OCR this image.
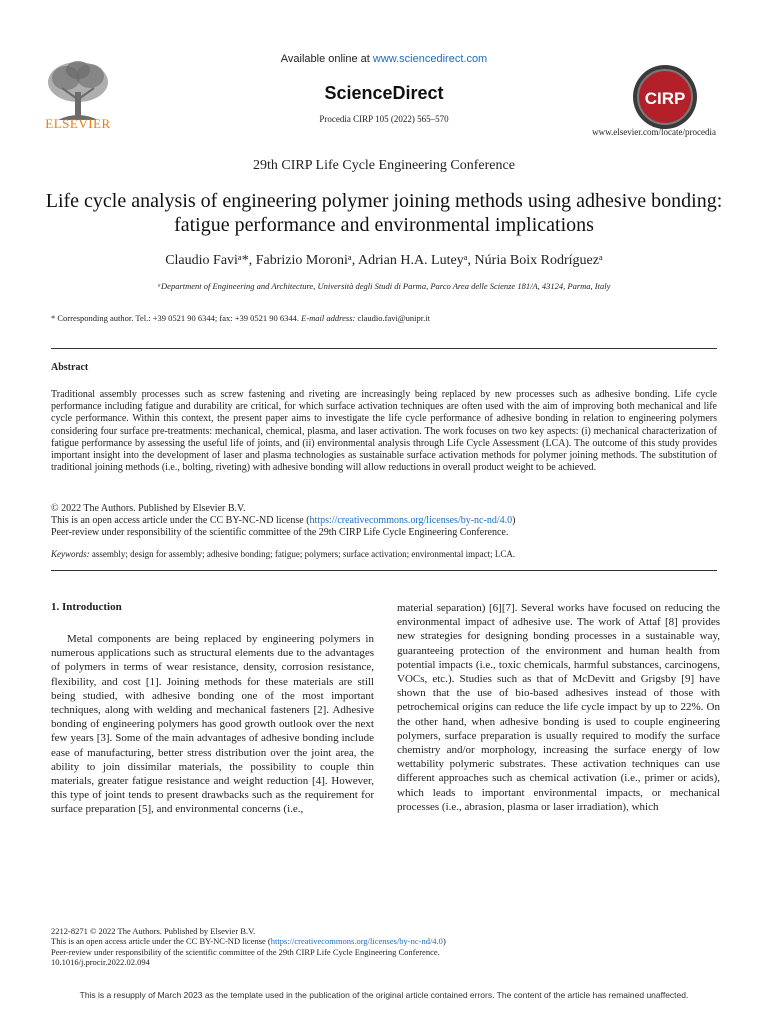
ELSEVIER
Available online at www.sciencedirect.com
ScienceDirect
Procedia CIRP 105 (2022) 565–570
CIRP
www.elsevier.com/locate/procedia
29th CIRP Life Cycle Engineering Conference
Life cycle analysis of engineering polymer joining methods using adhesive bonding: fatigue performance and environmental implications
Claudio Faviᵃ*, Fabrizio Moroniᵃ, Adrian H.A. Luteyᵃ, Núria Boix Rodríguezᵃ
ᵃDepartment of Engineering and Architecture, Università degli Studi di Parma, Parco Area delle Scienze 181/A, 43124, Parma, Italy
* Corresponding author. Tel.: +39 0521 90 6344; fax: +39 0521 90 6344. E-mail address: claudio.favi@unipr.it
Abstract
Traditional assembly processes such as screw fastening and riveting are increasingly being replaced by new processes such as adhesive bonding. Life cycle performance including fatigue and durability are critical, for which surface activation techniques are often used with the aim of improving both mechanical and life cycle performance. Within this context, the present paper aims to investigate the life cycle performance of adhesive bonding in relation to engineering polymers considering four surface pre-treatments: mechanical, chemical, plasma, and laser activation. The work focuses on two key aspects: (i) mechanical characterization of fatigue performance by assessing the useful life of joints, and (ii) environmental analysis through Life Cycle Assessment (LCA). The outcome of this study provides important insight into the development of laser and plasma technologies as sustainable surface activation methods for polymer joining methods. The substitution of traditional joining methods (i.e., bolting, riveting) with adhesive bonding will allow reductions in overall product weight to be achieved.
© 2022 The Authors. Published by Elsevier B.V.
This is an open access article under the CC BY-NC-ND license (https://creativecommons.org/licenses/by-nc-nd/4.0)
Peer-review under responsibility of the scientific committee of the 29th CIRP Life Cycle Engineering Conference.
Keywords: assembly; design for assembly; adhesive bonding; fatigue; polymers; surface activation; environmental impact; LCA.
1. Introduction

Metal components are being replaced by engineering polymers in numerous applications such as structural elements due to the advantages of polymers in terms of wear resistance, density, corrosion resistance, flexibility, and cost [1]. Joining methods for these materials are still being studied, with adhesive bonding one of the most important techniques, along with welding and mechanical fasteners [2]. Adhesive bonding of engineering polymers has good growth outlook over the next few years [3]. Some of the main advantages of adhesive bonding include ease of manufacturing, better stress distribution over the joint area, the ability to join dissimilar materials, the possibility to couple thin materials, greater fatigue resistance and weight reduction [4]. However, this type of joint tends to present drawbacks such as the requirement for surface preparation [5], and environmental concerns (i.e.,

material separation) [6][7]. Several works have focused on reducing the environmental impact of adhesive use. The work of Attaf [8] provides new strategies for designing bonding processes in a sustainable way, guaranteeing protection of the environment and human health from potential impacts (i.e., toxic chemicals, harmful substances, carcinogens, VOCs, etc.). Studies such as that of McDevitt and Grigsby [9] have shown that the use of bio-based adhesives instead of those with petrochemical origins can reduce the life cycle impact by up to 22%. On the other hand, when adhesive bonding is used to couple engineering polymers, surface preparation is usually required to modify the surface chemistry and/or morphology, increasing the surface energy of low wettability polymeric substrates. These activation techniques can use different approaches such as chemical activation (i.e., primer or acids), which leads to important environmental impacts, or mechanical processes (i.e., abrasion, plasma or laser irradiation), which

2212-8271 © 2022 The Authors. Published by Elsevier B.V.
This is an open access article under the CC BY-NC-ND license (https://creativecommons.org/licenses/by-nc-nd/4.0)
Peer-review under responsibility of the scientific committee of the 29th CIRP Life Cycle Engineering Conference.
10.1016/j.procir.2022.02.094
This is a resupply of March 2023 as the template used in the publication of the original article contained errors. The content of the article has remained unaffected.
